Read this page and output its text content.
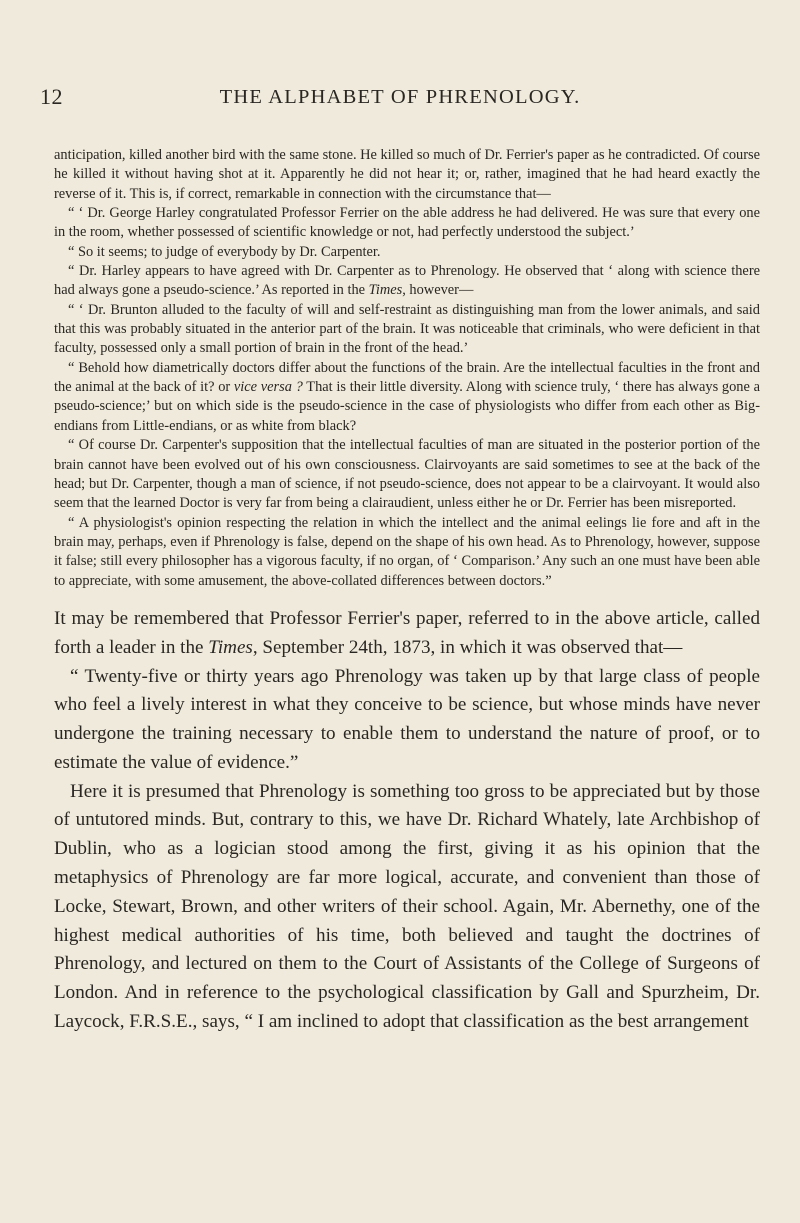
12	THE ALPHABET OF PHRENOLOGY.

anticipation, killed another bird with the same stone. He killed so much of Dr. Ferrier's paper as he contradicted. Of course he killed it without having shot at it. Apparently he did not hear it; or, rather, imagined that he had heard exactly the reverse of it. This is, if correct, remarkable in connection with the circumstance that—

“ ‘ Dr. George Harley congratulated Professor Ferrier on the able address he had delivered. He was sure that every one in the room, whether possessed of scientific knowledge or not, had perfectly understood the subject.’

“ So it seems; to judge of everybody by Dr. Carpenter.

“ Dr. Harley appears to have agreed with Dr. Carpenter as to Phrenology. He observed that ‘ along with science there had always gone a pseudo-science.’ As reported in the Times, however—

“ ‘ Dr. Brunton alluded to the faculty of will and self-restraint as distinguishing man from the lower animals, and said that this was probably situated in the anterior part of the brain. It was noticeable that criminals, who were deficient in that faculty, possessed only a small portion of brain in the front of the head.’

“ Behold how diametrically doctors differ about the functions of the brain. Are the intellectual faculties in the front and the animal at the back of it? or vice versa ? That is their little diversity. Along with science truly, ‘ there has always gone a pseudo-science;’ but on which side is the pseudo-science in the case of physiologists who differ from each other as Big-endians from Little-endians, or as white from black?

“ Of course Dr. Carpenter's supposition that the intellectual faculties of man are situated in the posterior portion of the brain cannot have been evolved out of his own consciousness. Clairvoyants are said sometimes to see at the back of the head; but Dr. Carpenter, though a man of science, if not pseudo-science, does not appear to be a clairvoyant. It would also seem that the learned Doctor is very far from being a clairaudient, unless either he or Dr. Ferrier has been misreported.

“ A physiologist's opinion respecting the relation in which the intellect and the animal eelings lie fore and aft in the brain may, perhaps, even if Phrenology is false, depend on the shape of his own head. As to Phrenology, however, suppose it false; still every philosopher has a vigorous faculty, if no organ, of ‘ Comparison.’ Any such an one must have been able to appreciate, with some amusement, the above-collated differences between doctors.”

It may be remembered that Professor Ferrier's paper, referred to in the above article, called forth a leader in the Times, September 24th, 1873, in which it was observed that—

“ Twenty-five or thirty years ago Phrenology was taken up by that large class of people who feel a lively interest in what they conceive to be science, but whose minds have never undergone the training necessary to enable them to understand the nature of proof, or to estimate the value of evidence.”

Here it is presumed that Phrenology is something too gross to be appreciated but by those of untutored minds. But, contrary to this, we have Dr. Richard Whately, late Archbishop of Dublin, who as a logician stood among the first, giving it as his opinion that the metaphysics of Phrenology are far more logical, accurate, and convenient than those of Locke, Stewart, Brown, and other writers of their school. Again, Mr. Abernethy, one of the highest medical authorities of his time, both believed and taught the doctrines of Phrenology, and lectured on them to the Court of Assistants of the College of Surgeons of London. And in reference to the psychological classification by Gall and Spurzheim, Dr. Laycock, F.R.S.E., says, “ I am inclined to adopt that classification as the best arrangement
